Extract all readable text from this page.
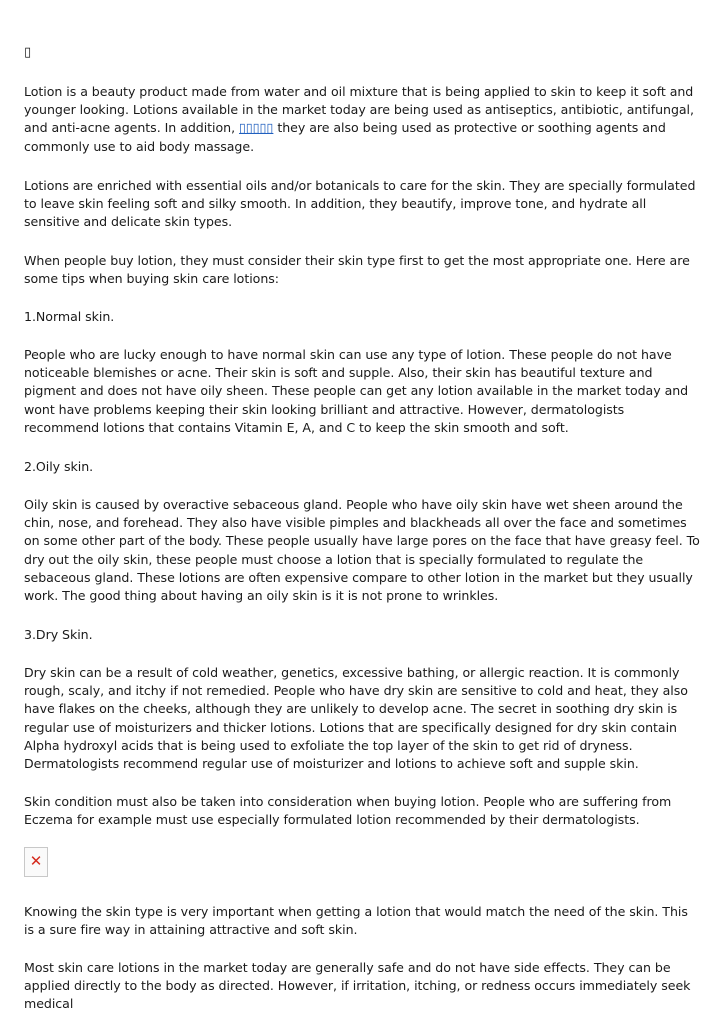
▯

Lotion is a beauty product made from water and oil mixture that is being applied to skin to keep it soft and younger looking. Lotions available in the market today are being used as antiseptics, antibiotic, antifungal, and anti-acne agents. In addition, ▯▯▯▯▯ they are also being used as protective or soothing agents and commonly use to aid body massage.

Lotions are enriched with essential oils and/or botanicals to care for the skin. They are specially formulated to leave skin feeling soft and silky smooth. In addition, they beautify, improve tone, and hydrate all sensitive and delicate skin types.

When people buy lotion, they must consider their skin type first to get the most appropriate one. Here are some tips when buying skin care lotions:

1.Normal skin.

People who are lucky enough to have normal skin can use any type of lotion. These people do not have noticeable blemishes or acne. Their skin is soft and supple. Also, their skin has beautiful texture and pigment and does not have oily sheen. These people can get any lotion available in the market today and wont have problems keeping their skin looking brilliant and attractive. However, dermatologists recommend lotions that contains Vitamin E, A, and C to keep the skin smooth and soft.

2.Oily skin.

Oily skin is caused by overactive sebaceous gland. People who have oily skin have wet sheen around the chin, nose, and forehead. They also have visible pimples and blackheads all over the face and sometimes on some other part of the body. These people usually have large pores on the face that have greasy feel. To dry out the oily skin, these people must choose a lotion that is specially formulated to regulate the sebaceous gland. These lotions are often expensive compare to other lotion in the market but they usually work. The good thing about having an oily skin is it is not prone to wrinkles.

3.Dry Skin.

Dry skin can be a result of cold weather, genetics, excessive bathing, or allergic reaction. It is commonly rough, scaly, and itchy if not remedied. People who have dry skin are sensitive to cold and heat, they also have flakes on the cheeks, although they are unlikely to develop acne. The secret in soothing dry skin is regular use of moisturizers and thicker lotions. Lotions that are specifically designed for dry skin contain Alpha hydroxyl acids that is being used to exfoliate the top layer of the skin to get rid of dryness. Dermatologists recommend regular use of moisturizer and lotions to achieve soft and supple skin.

Skin condition must also be taken into consideration when buying lotion. People who are suffering from Eczema for example must use especially formulated lotion recommended by their dermatologists.

Knowing the skin type is very important when getting a lotion that would match the need of the skin. This is a sure fire way in attaining attractive and soft skin.

Most skin care lotions in the market today are generally safe and do not have side effects. They can be applied directly to the body as directed. However, if irritation, itching, or redness occurs immediately seek medical

✕
